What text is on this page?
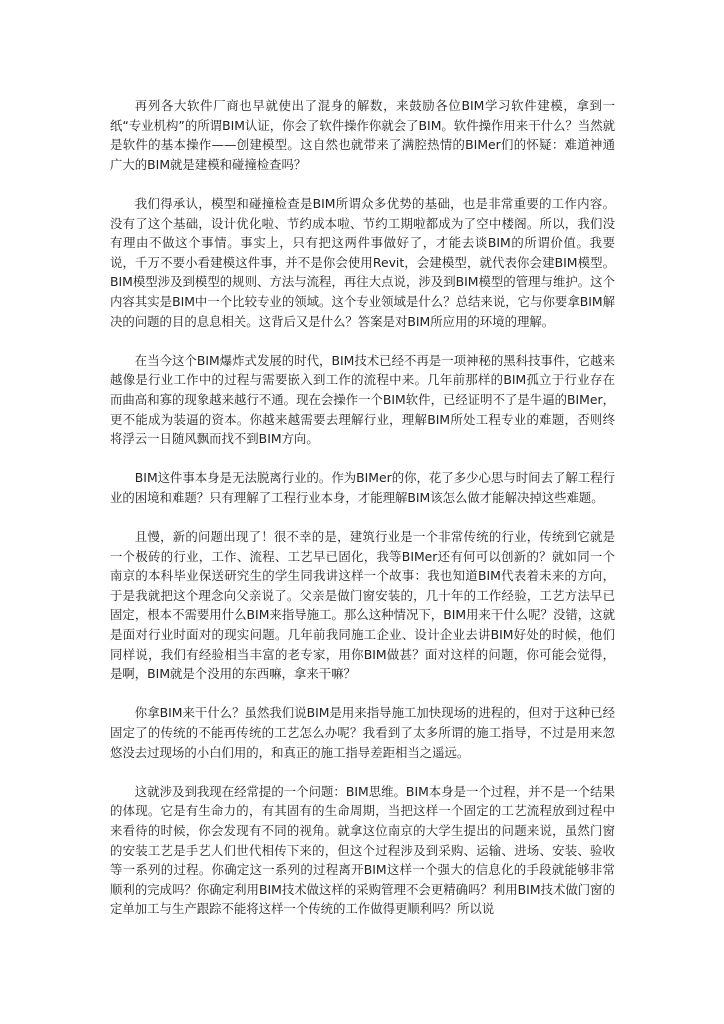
再列各大软件厂商也早就使出了混身的解数，来鼓励各位BIM学习软件建模，拿到一纸“专业机构”的所谓BIM认证，你会了软件操作你就会了BIM。软件操作用来干什么？当然就是软件的基本操作——创建模型。这自然也就带来了满腔热情的BIMer们的怀疑：难道神通广大的BIM就是建模和碰撞检查吗？

我们得承认，模型和碰撞检查是BIM所谓众多优势的基础，也是非常重要的工作内容。没有了这个基础，设计优化啦、节约成本啦、节约工期啦都成为了空中楼阁。所以，我们没有理由不做这个事情。事实上，只有把这两件事做好了，才能去谈BIM的所谓价值。我要说，千万不要小看建模这件事，并不是你会使用Revit，会建模型，就代表你会建BIM模型。BIM模型涉及到模型的规则、方法与流程，再往大点说，涉及到BIM模型的管理与维护。这个内容其实是BIM中一个比较专业的领域。这个专业领域是什么？总结来说，它与你要拿BIM解决的问题的目的息息相关。这背后又是什么？答案是对BIM所应用的环境的理解。

在当今这个BIM爆炸式发展的时代，BIM技术已经不再是一项神秘的黑科技事件，它越来越像是行业工作中的过程与需要嵌入到工作的流程中来。几年前那样的BIM孤立于行业存在而曲高和寡的现象越来越行不通。现在会操作一个BIM软件，已经证明不了是牛逼的BIMer，更不能成为装逼的资本。你越来越需要去理解行业，理解BIM所处工程专业的难题，否则终将浮云一日随风飘而找不到BIM方向。

BIM这件事本身是无法脱离行业的。作为BIMer的你，花了多少心思与时间去了解工程行业的困境和难题？只有理解了工程行业本身，才能理解BIM该怎么做才能解决掉这些难题。

且慢，新的问题出现了！很不幸的是，建筑行业是一个非常传统的行业，传统到它就是一个极砖的行业，工作、流程、工艺早已固化，我等BIMer还有何可以创新的？就如同一个南京的本科毕业保送研究生的学生同我讲这样一个故事：我也知道BIM代表着未来的方向，于是我就把这个理念向父亲说了。父亲是做门窗安装的，几十年的工作经验，工艺方法早已固定，根本不需要用什么BIM来指导施工。那么这种情况下，BIM用来干什么呢？没错，这就是面对行业时面对的现实问题。几年前我同施工企业、设计企业去讲BIM好处的时候，他们同样说，我们有经验相当丰富的老专家，用你BIM做甚？面对这样的问题，你可能会觉得，是啊，BIM就是个没用的东西嘛，拿来干嘛？

你拿BIM来干什么？虽然我们说BIM是用来指导施工加快现场的进程的，但对于这种已经固定了的传统的不能再传统的工艺怎么办呢？我看到了太多所谓的施工指导，不过是用来忽悠没去过现场的小白们用的，和真正的施工指导差距相当之遥远。

这就涉及到我现在经常提的一个问题：BIM思维。BIM本身是一个过程，并不是一个结果的体现。它是有生命力的，有其固有的生命周期，当把这样一个固定的工艺流程放到过程中来看待的时候，你会发现有不同的视角。就拿这位南京的大学生提出的问题来说，虽然门窗的安装工艺是手艺人们世代相传下来的，但这个过程涉及到采购、运输、进场、安装、验收等一系列的过程。你确定这一系列的过程离开BIM这样一个强大的信息化的手段就能够非常顺利的完成吗？你确定利用BIM技术做这样的采购管理不会更精确吗？利用BIM技术做门窗的定单加工与生产跟踪不能将这样一个传统的工作做得更顺利吗？所以说
